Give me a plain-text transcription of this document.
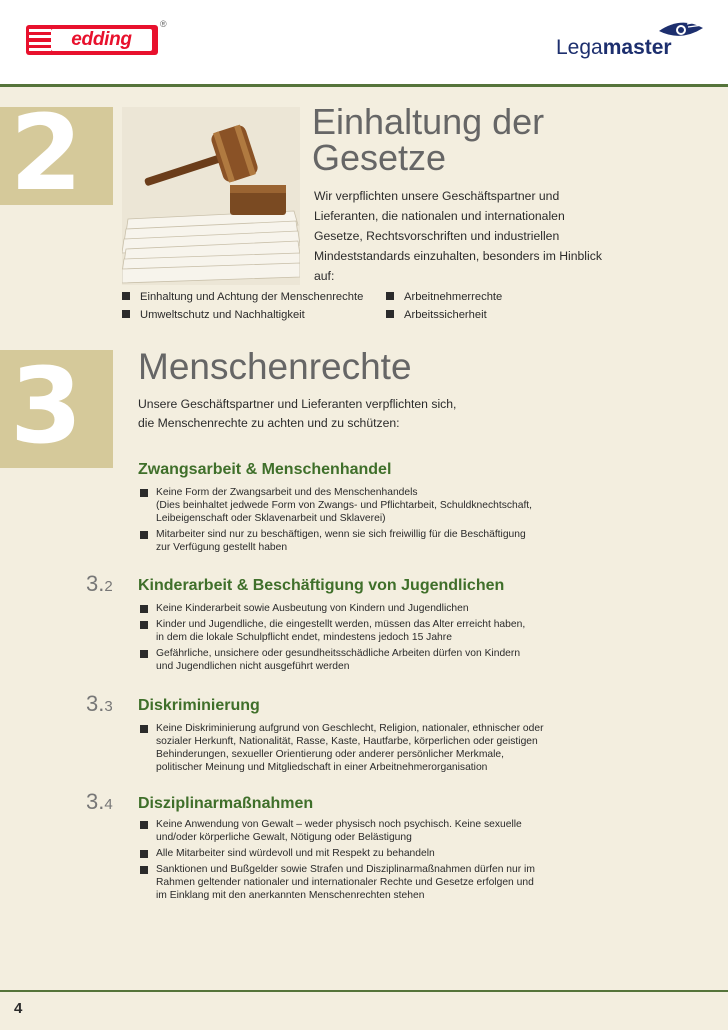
edding
®
Legamaster
2	Einhaltung der
Gesetze

Wir verpflichten unsere Geschäftspartner und Lieferanten, die nationalen und internationalen Gesetze, Rechtsvorschriften und industriellen Mindeststandards einzuhalten, besonders im Hinblick auf:

Einhaltung und Achtung der Menschenrechte	Arbeitnehmerrechte
Umweltschutz und Nachhaltigkeit	Arbeitssicherheit
3 Menschenrechte

Unsere Geschäftspartner und Lieferanten verpflichten sich,
die Menschenrechte zu achten und zu schützen:

Zwangsarbeit & Menschenhandel
Keine Form der Zwangsarbeit und des Menschenhandels
(Dies beinhaltet jedwede Form von Zwangs- und Pflichtarbeit, Schuldknechtschaft,
Leibeigenschaft oder Sklavenarbeit und Sklaverei)
Mitarbeiter sind nur zu beschäftigen, wenn sie sich freiwillig für die Beschäftigung
zur Verfügung gestellt haben
3.2 Kinderarbeit & Beschäftigung von Jugendlichen
Keine Kinderarbeit sowie Ausbeutung von Kindern und Jugendlichen
Kinder und Jugendliche, die eingestellt werden, müssen das Alter erreicht haben,
in dem die lokale Schulpflicht endet, mindestens jedoch 15 Jahre
Gefährliche, unsichere oder gesundheitsschädliche Arbeiten dürfen von Kindern
und Jugendlichen nicht ausgeführt werden
3.3 Diskriminierung
Keine Diskriminierung aufgrund von Geschlecht, Religion, nationaler, ethnischer oder
sozialer Herkunft, Nationalität, Rasse, Kaste, Hautfarbe, körperlichen oder geistigen
Behinderungen, sexueller Orientierung oder anderer persönlicher Merkmale,
politischer Meinung und Mitgliedschaft in einer Arbeitnehmerorganisation
3.4 Disziplinarmaßnahmen
Keine Anwendung von Gewalt – weder physisch noch psychisch. Keine sexuelle
und/oder körperliche Gewalt, Nötigung oder Belästigung
Alle Mitarbeiter sind würdevoll und mit Respekt zu behandeln
Sanktionen und Bußgelder sowie Strafen und Disziplinarmaßnahmen dürfen nur im
Rahmen geltender nationaler und internationaler Rechte und Gesetze erfolgen und
im Einklang mit den anerkannten Menschenrechten stehen
4
